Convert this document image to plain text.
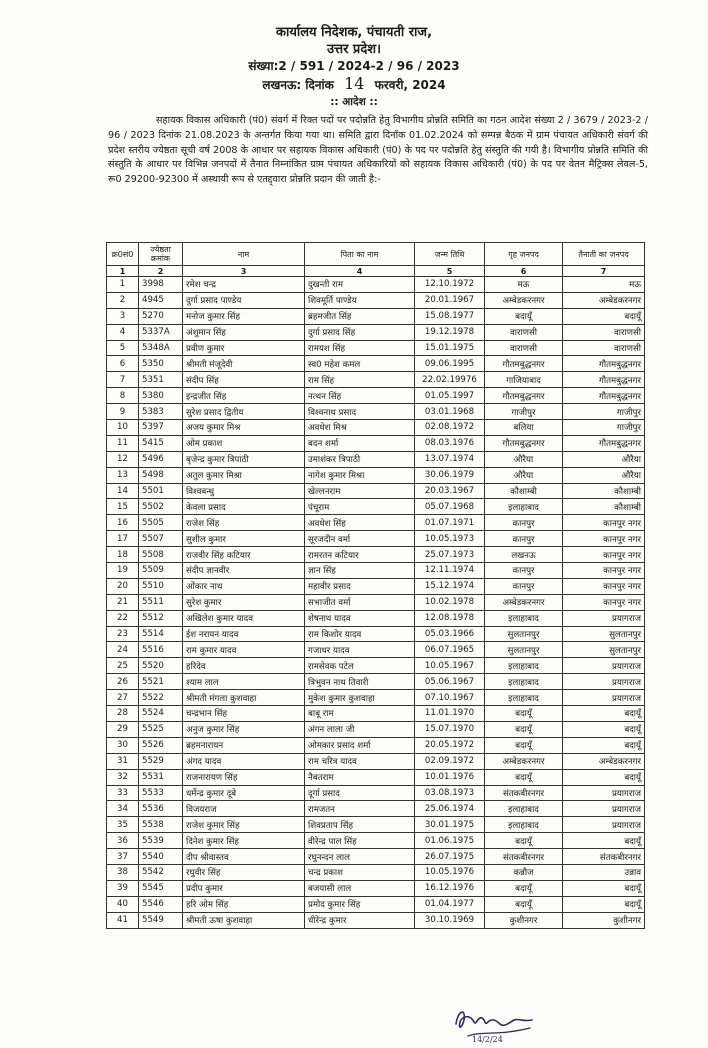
कार्यालय निदेशक, पंचायती राज,
उत्तर प्रदेश।
संख्या:2 / 591 / 2024-2 / 96 / 2023
लखनऊ: दिनांक 14 फरवरी, 2024
:: आदेश ::
सहायक विकास अधिकारी (पं0) संवर्ग में रिक्त पदों पर पदोन्नति हेतु विभागीय प्रोन्नति समिति का गठन आदेश संख्या 2 / 3679 / 2023-2 / 96 / 2023 दिनांक 21.08.2023 के अन्तर्गत किया गया था। समिति द्वारा दिनॉक 01.02.2024 को सम्पन्न बैठक में ग्राम पंचायत अधिकारी संवर्ग की प्रदेश स्तरीय ज्येष्ठता सूची वर्ष 2008 के आधार पर सहायक विकास अधिकारी (पं0) के पद पर पदोन्नति हेतु संस्तुति की गयी है। विभागीय प्रोन्नति समिति की संस्तुति के आधार पर विभिन्न जनपदों में तैनात निम्नांकित ग्राम पंचायत अधिकारियों को सहायक विकास अधिकारी (पं0) के पद पर वेतन मैट्रिक्स लेवल-5, रू0 29200-92300 में अस्थायी रूप से एतद्द्वारा प्रोन्नति प्रदान की जाती है:-
क्र0सं0	ज्येष्ठता क्रमांक	नाम	पिता का नाम	जन्म तिथि	गृह जनपद	तैनाती का जनपद
1	2	3	4	5	6	7
1	3998	रमेश चन्द्र	दुखन्ती राम	12.10.1972	मऊ	मऊ
2	4945	दुर्गा प्रसाद पाण्डेय	शिवमूर्ति पाण्डेय	20.01.1967	अम्बेडकरनगर	अम्बेडकरनगर
3	5270	मनोज कुमार सिंह	ब्रहमजीत सिंह	15.08.1977	बदायूँ	बदायूँ
4	5337A	अंशुमान सिंह	दुर्गा प्रसाद सिंह	19.12.1978	वाराणसी	वाराणसी
5	5348A	प्रवीण कुमार	रामयश सिंह	15.01.1975	वाराणसी	वाराणसी
6	5350	श्रीमती मंजूदेवी	स्व0 महेश कमल	09.06.1995	गौतमबुद्धनगर	गौतमबुद्धनगर
7	5351	संदीप सिंह	राम सिंह	22.02.19976	गाजियाबाद	गौतमबुद्धनगर
8	5380	इन्द्रजीत सिंह	नत्थन सिंह	01.05.1997	गौतमबुद्धनगर	गौतमबुद्धनगर
9	5383	सुरेश प्रसाद द्वितीय	विश्वनाथ प्रसाद	03.01.1968	गाजीपुर	गाजीपुर
10	5397	अजय कुमार मिश्र	अवधेश मिश्र	02.08.1972	बलिया	गाजीपुर
11	5415	ओम प्रकाश	बदन शर्मा	08.03.1976	गौतमबुद्धनगर	गौतमबुद्धनगर
12	5496	बृजेन्द्र कुमार त्रिपाठी	उमाशंकर त्रिपाठी	13.07.1974	औरैया	औरैया
13	5498	अतुल कुमार मिश्रा	नागेश कुमार मिश्रा	30.06.1979	औरैया	औरैया
14	5501	विश्वबन्धु	खेल्लनराम	20.03.1967	कौशाम्बी	कौशाम्बी
15	5502	केवला प्रसाद	पंचूराम	05.07.1968	इलाहाबाद	कौशाम्बी
16	5505	राजेश सिंह	अवधेश सिंह	01.07.1971	कानपुर	कानपुर नगर
17	5507	सुशील कुमार	सूरजदीन वर्मा	10.05.1973	कानपुर	कानपुर नगर
18	5508	राजवीर सिंह कटियार	रामरतन कटियार	25.07.1973	लखनऊ	कानपुर नगर
19	5509	संदीप ज्ञानवीर	ज्ञान सिंह	12.11.1974	कानपुर	कानपुर नगर
20	5510	ओंकार नाथ	महावीर प्रसाद	15.12.1974	कानपुर	कानपुर नगर
21	5511	सुरेश कुमार	सभाजीत वर्मा	10.02.1978	अम्बेडकरनगर	कानपुर नगर
22	5512	अखिलेश कुमार यादव	शेषनाथ यादव	12.08.1978	इलाहाबाद	प्रयागराज
23	5514	ईश नरायन यादव	राम किशोर यादव	05.03.1966	सुलतानपुर	सुलतानपुर
24	5516	राम कुमार यादव	गजाधर यादव	06.07.1965	सुलतानपुर	सुलतानपुर
25	5520	हरिदेव	रामसेवक पटेल	10.05.1967	इलाहाबाद	प्रयागराज
26	5521	श्याम लाल	त्रिभुवन नाथ तिवारी	05.06.1967	इलाहाबाद	प्रयागराज
27	5522	श्रीमती मंगला कुशवाहा	मुकेश कुमार कुशवाहा	07.10.1967	इलाहाबाद	प्रयागराज
28	5524	चन्द्रभान सिंह	बाबू राम	11.01.1970	बदायूँ	बदायूँ
29	5525	अनुज कुमार सिंह	अंगन लाला जी	15.07.1970	बदायूँ	बदायूँ
30	5526	ब्रहमनारायन	ओमकार प्रसाद शर्मा	20.05.1972	बदायूँ	बदायूँ
31	5529	अंगद यादव	राम चरित्र यादव	02.09.1972	अम्बेडकरनगर	अम्बेडकरनगर
32	5531	राजनारायण सिंह	नैबतराम	10.01.1976	बदायूँ	बदायूँ
33	5533	धर्मेन्द्र कुमार दूबे	दूर्गा प्रसाद	03.08.1973	संतकबीरनगर	प्रयागराज
34	5536	विजयराज	रामजतन	25.06.1974	इलाहाबाद	प्रयागराज
35	5538	राजेश कुमार सिंह	शिवप्रताप सिंह	30.01.1975	इलाहाबाद	प्रयागराज
36	5539	दिनेश कुमार सिंह	वीरेन्द्र पाल सिंह	01.06.1975	बदायूँ	बदायूँ
37	5540	दीप श्रीवास्तव	रघुनन्दन लाल	26.07.1975	संतकबीरनगर	संतकबीरनगर
38	5542	रघुवीर सिंह	चन्द्र प्रकाश	10.05.1976	कन्नौज	उन्नाव
39	5545	प्रदीप कुमार	बजयासी लाल	16.12.1976	बदायूँ	बदायूँ
40	5546	हरि ओम सिंह	प्रमोद कुमार सिंह	01.04.1977	बदायूँ	बदायूँ
41	5549	श्रीमती ऊषा कुशवाहा	धीरेन्द्र कुमार	30.10.1969	कुशीनगर	कुशीनगर
14/2/24
